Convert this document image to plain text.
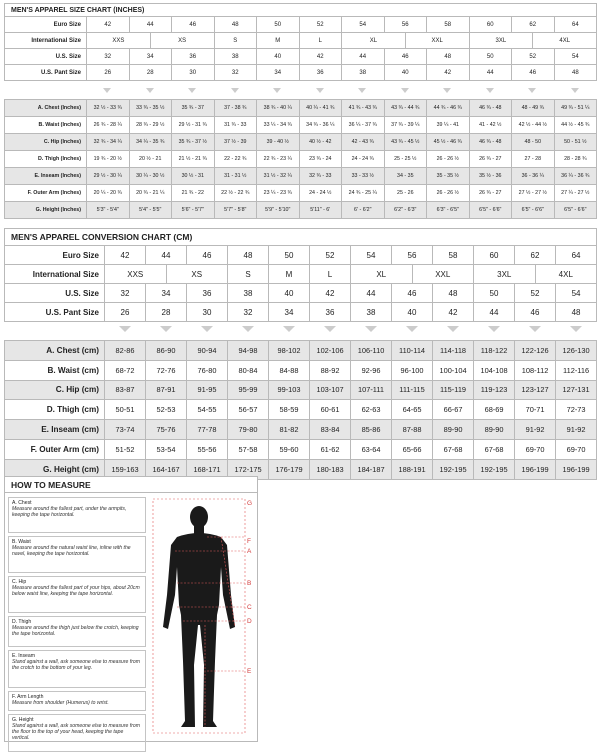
MEN'S APPAREL SIZE CHART (INCHES)															
Euro Size	42	44		46	48	50	52	54	56		58	60	62		64
International Size	XXS		XS		S	M	L	XL		XXL		3XL		4XL	
U.S. Size	32	34		36	38	40	42	44	46		48	50	52		54
U.S. Pant Size	26	28		30	32	34	36	38	40		42	44	46		48
A. Chest (Inches)	32 ½ - 33 ¾	33 ¾ - 35 ½	35 ¾ - 37	37 - 38 ¾	38 ¾ - 40 ¼	40 ¼ - 41 ¾	41 ¾ - 43 ¾	43 ¾ - 44 ¾	44 ¾ - 46 ¾	46 ¾ - 48	48 - 49 ¾	49 ¾ - 51 ¼
B. Waist (Inches)	26 ¾ - 28 ¼	28 ¾ - 29 ½	29 ½ - 31 ¾	31 ¾ - 33	33 ¼ - 34 ¾	34 ¾ - 36 ¼	36 ¼ - 37 ¾	37 ¾ - 39 ¼	39 ¼ - 41	41 - 42 ½	42 ½ - 44 ½	44 ½ - 45 ¾
C. Hip (Inches)	32 ¾ - 34 ¼	34 ¼ - 35 ¾	35 ¾ - 37 ½	37 ½ - 39	39 - 40 ½	40 ½ - 42	42 - 43 ¾	43 ¾ - 45 ½	45 ½ - 46 ¾	46 ¾ - 48	48 - 50	50 - 51 ½
D. Thigh (Inches)	19 ¾ - 20 ½	20 ½ - 21	21 ½ - 21 ¾	22 - 22 ¾	22 ¾ - 23 ¼	23 ¾ - 24	24 - 24 ¾	25 - 25 ½	26 - 26 ½	26 ¾ - 27	27 - 28	28 - 28 ¾
E. Inseam (Inches)	29 ½ - 30 ¼	30 ¼ - 30 ½	30 ½ - 31	31 - 31 ½	31 ½ - 32 ¼	32 ¾ - 33	33 - 33 ½	34 - 35	35 - 35 ½	35 ½ - 36	36 - 36 ¼	36 ¼ - 36 ¾
F. Outer Arm (Inches)	20 ¼ - 20 ¾	20 ¾ - 21 ¼	21 ¾ - 22	22 ½ - 22 ¾	23 ¼ - 23 ¾	24 - 24 ½	24 ¾ - 25 ¼	25 - 26	26 - 26 ½	26 ¾ - 27	27 ½ - 27 ½	27 ¼ - 27 ½
G. Height (Inches)	5'3" - 5'4"	5'4" - 5'5"	5'6" - 5'7"	5'7" - 5'8"	5'9" - 5'10"	5'11" - 6'	6' - 6'2"	6'2" - 6'3"	6'3" - 6'5"	6'5" - 6'6"	6'5" - 6'6"	6'5" - 6'6"
MEN'S APPAREL CONVERSION CHART (CM)															
Euro Size	42	44		46	48	50	52	54	56		58	60	62		64
International Size	XXS		XS		S	M	L	XL		XXL		3XL		4XL	
U.S. Size	32	34		36	38	40	42	44	46		48	50	52		54
U.S. Pant Size	26	28		30	32	34	36	38	40		42	44	46		48
A. Chest (cm)	82-86	86-90	90-94	94-98	98-102	102-106	106-110	110-114	114-118	118-122	122-126	126-130
B. Waist (cm)	68-72	72-76	76-80	80-84	84-88	88-92	92-96	96-100	100-104	104-108	108-112	112-116
C. Hip (cm)	83-87	87-91	91-95	95-99	99-103	103-107	107-111	111-115	115-119	119-123	123-127	127-131
D. Thigh (cm)	50-51	52-53	54-55	56-57	58-59	60-61	62-63	64-65	66-67	68-69	70-71	72-73
E. Inseam (cm)	73-74	75-76	77-78	79-80	81-82	83-84	85-86	87-88	89-90	89-90	91-92	91-92
F. Outer Arm (cm)	51-52	53-54	55-56	57-58	59-60	61-62	63-64	65-66	67-68	67-68	69-70	69-70
G. Height (cm)	159-163	164-167	168-171	172-175	176-179	180-183	184-187	188-191	192-195	192-195	196-199	196-199
HOW TO MEASURE
A. Chest
Measure around the fullest part, under the armpits, keeping the tape horizontal.
B. Waist
Measure around the natural waist line, inline with the navel, keeping the tape horizontal.
C. Hip
Measure around the fullest part of your hips, about 20cm below waist line, keeping the tape horizontal.
D. Thigh
Measure around the thigh just below the crotch, keeping the tape horizontal.
E. Inseam
Stand against a wall, ask someone else to measure from the crotch to the bottom of your leg.
F. Arm Length
Measure from shoulder (Humerus) to wrist.
G. Height
Stand against a wall, ask someone else to measure from the floor to the top of your head, keeping the tape vertical.
G
F
A
B
C
D
E
